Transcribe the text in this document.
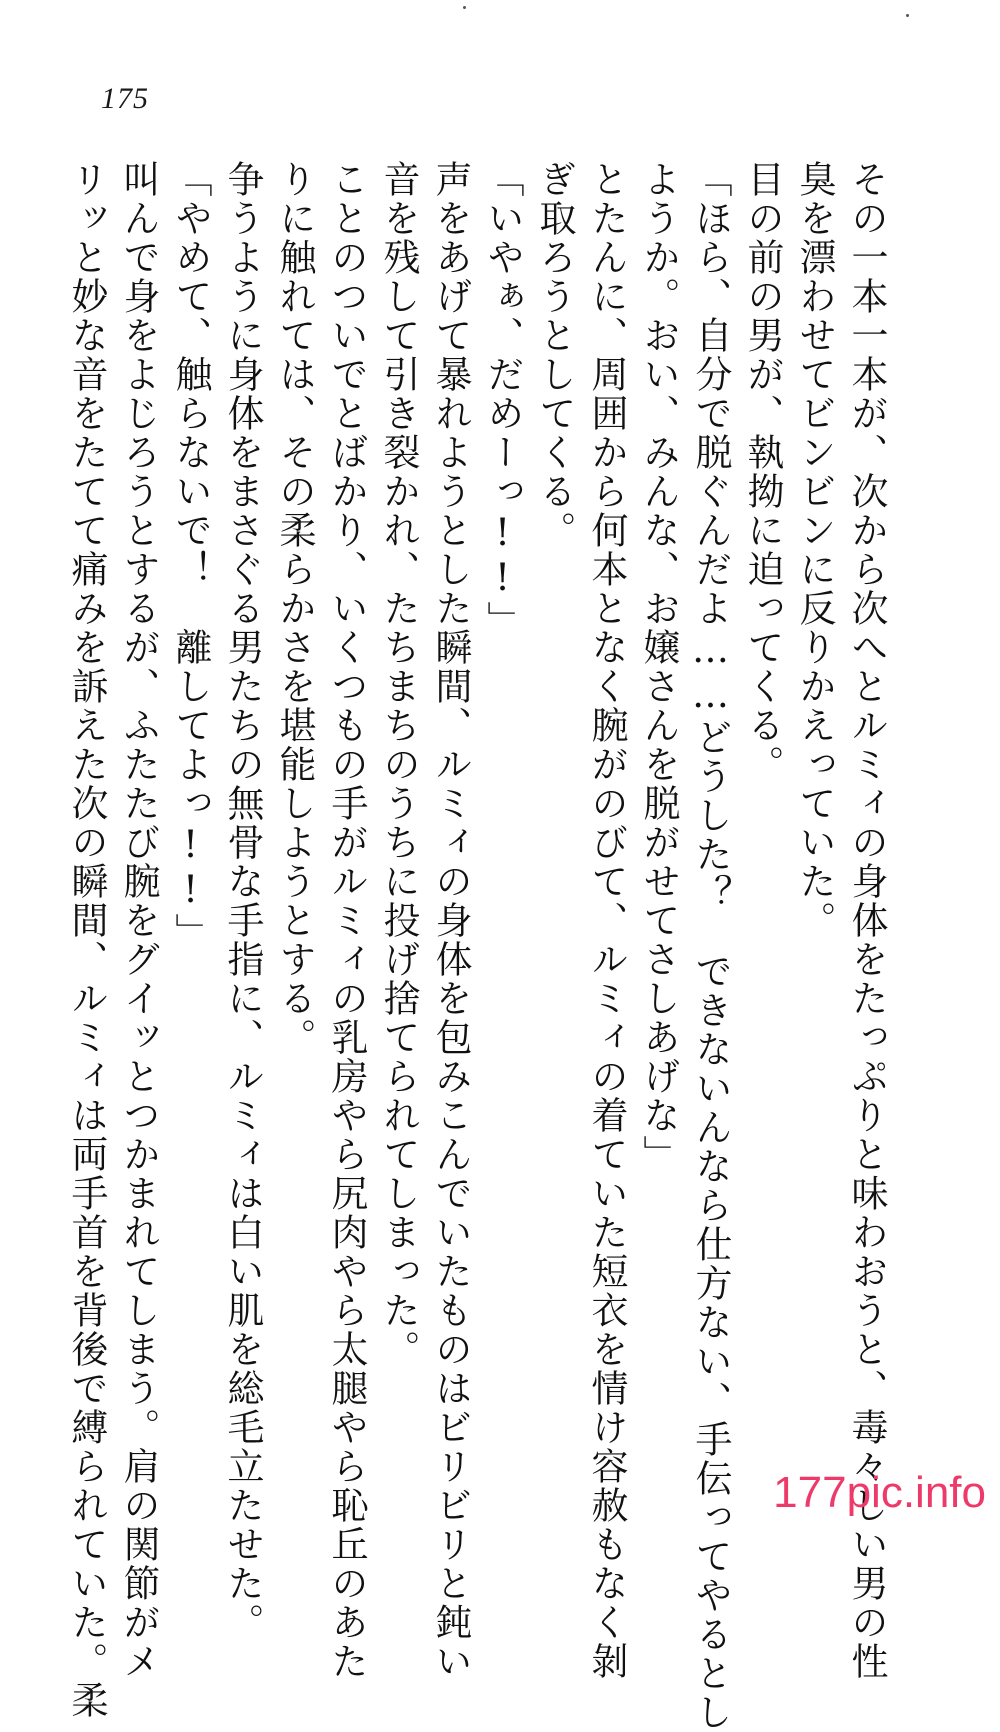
175
その一本一本が、次から次へとルミィの身体をたっぷりと味わおうと、毒々しい男の性
臭を漂わせてビンビンに反りかえっていた。
目の前の男が、執拗に迫ってくる。
「ほら、自分で脱ぐんだよ……どうした？　できないんなら仕方ない、手伝ってやるとし
ようか。おい、みんな、お嬢さんを脱がせてさしあげな」
とたんに、周囲から何本となく腕がのびて、ルミィの着ていた短衣を情け容赦もなく剝
ぎ取ろうとしてくる。
「いやぁ、だめーっ!!」
声をあげて暴れようとした瞬間、ルミィの身体を包みこんでいたものはビリビリと鈍い
音を残して引き裂かれ、たちまちのうちに投げ捨てられてしまった。
ことのついでとばかり、いくつもの手がルミィの乳房やら尻肉やら太腿やら恥丘のあた
りに触れては、その柔らかさを堪能しようとする。
争うように身体をまさぐる男たちの無骨な手指に、ルミィは白い肌を総毛立たせた。
「やめて、触らないで！　離してよっ!!」
叫んで身をよじろうとするが、ふたたび腕をグイッとつかまれてしまう。肩の関節がメ
リッと妙な音をたてて痛みを訴えた次の瞬間、ルミィは両手首を背後で縛られていた。柔	177pic.info
